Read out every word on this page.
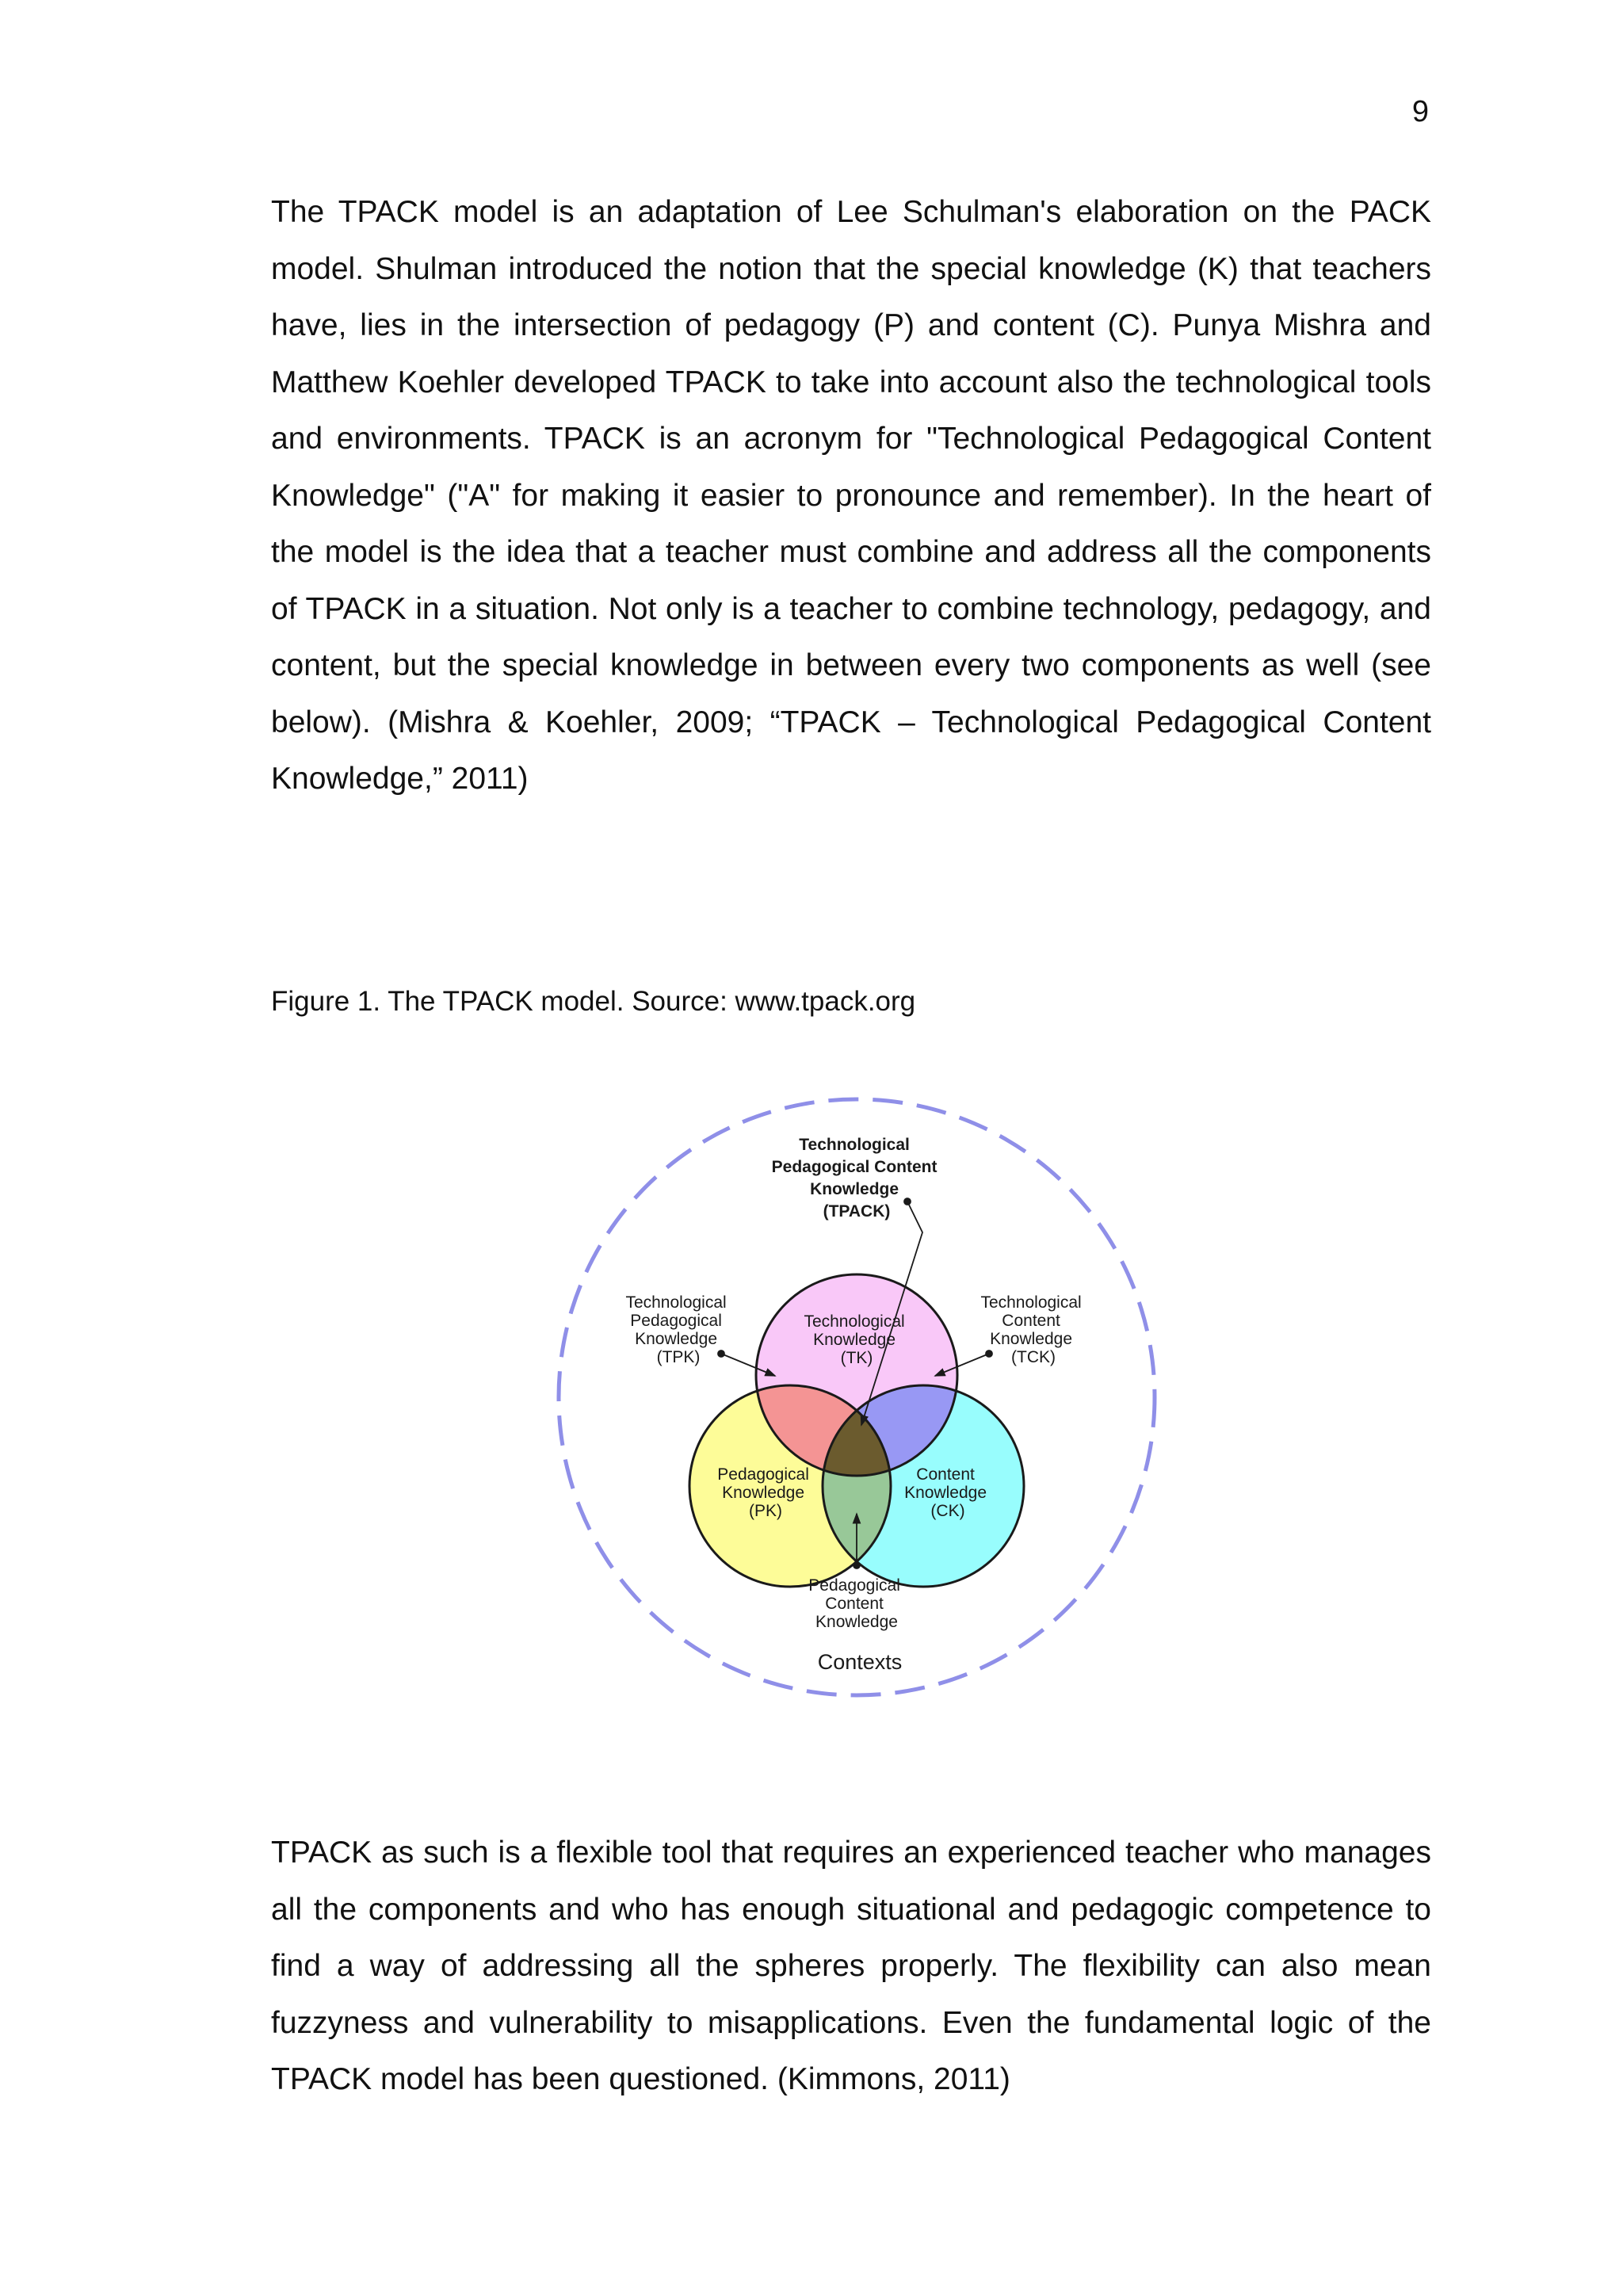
9

The TPACK model is an adaptation of Lee Schulman's elaboration on the PACK model. Shulman introduced the notion that the special knowledge (K) that teachers have, lies in the intersection of pedagogy (P) and content (C). Punya Mishra and Matthew Koehler developed TPACK to take into account also the technological tools and environments. TPACK is an acronym for "Technological Pedagogical Content Knowledge" ("A" for making it easier to pronounce and remember). In the heart of the model is the idea that a teacher must combine and address all the components of TPACK in a situation. Not only is a teacher to combine technology, pedagogy, and content, but the special knowledge in between every two components as well (see below). (Mishra & Koehler, 2009; “TPACK – Technological Pedagogical Content Knowledge,” 2011)

Figure 1. The TPACK model. Source: www.tpack.org
Technological Pedagogical Content Knowledge (TPACK)
Technological Knowledge (TK)
Pedagogical Knowledge (PK)
Content Knowledge (CK)
Technological Pedagogical Knowledge (TPK)
Technological Content Knowledge (TCK)
Pedagogical Content Knowledge
Contexts

TPACK as such is a flexible tool that requires an experienced teacher who manages all the components and who has enough situational and pedagogic competence to find a way of addressing all the spheres properly. The flexibility can also mean fuzzyness and vulnerability to misapplications. Even the fundamental logic of the TPACK model has been questioned. (Kimmons, 2011)
